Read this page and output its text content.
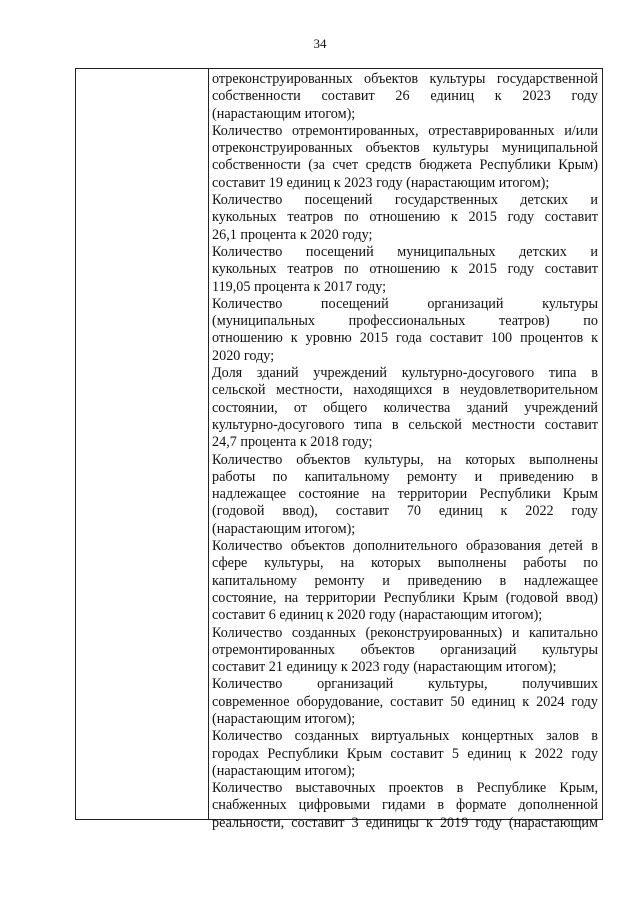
34
отреконструированных объектов культуры государственной
собственности составит 26 единиц к 2023 году
(нарастающим итогом);
Количество отремонтированных, отреставрированных и/или
отреконструированных объектов культуры муниципальной
собственности (за счет средств бюджета Республики Крым)
составит 19 единиц к 2023 году (нарастающим итогом);
Количество посещений государственных детских и
кукольных театров по отношению к 2015 году составит
26,1 процента к 2020 году;
Количество посещений муниципальных детских и
кукольных театров по отношению к 2015 году составит
119,05 процента к 2017 году;
Количество посещений организаций культуры
(муниципальных профессиональных театров) по
отношению к уровню 2015 года составит 100 процентов к
2020 году;
Доля зданий учреждений культурно-досугового типа в
сельской местности, находящихся в неудовлетворительном
состоянии, от общего количества зданий учреждений
культурно-досугового типа в сельской местности составит
24,7 процента к 2018 году;
Количество объектов культуры, на которых выполнены
работы по капитальному ремонту и приведению в
надлежащее состояние на территории Республики Крым
(годовой ввод), составит 70 единиц к 2022 году
(нарастающим итогом);
Количество объектов дополнительного образования детей в
сфере культуры, на которых выполнены работы по
капитальному ремонту и приведению в надлежащее
состояние, на территории Республики Крым (годовой ввод)
составит 6 единиц к 2020 году (нарастающим итогом);
Количество созданных (реконструированных) и капитально
отремонтированных объектов организаций культуры
составит 21 единицу к 2023 году (нарастающим итогом);
Количество организаций культуры, получивших
современное оборудование, составит 50 единиц к 2024 году
(нарастающим итогом);
Количество созданных виртуальных концертных залов в
городах Республики Крым составит 5 единиц к 2022 году
(нарастающим итогом);
Количество выставочных проектов в Республике Крым,
снабженных цифровыми гидами в формате дополненной
реальности, составит 3 единицы к 2019 году (нарастающим
